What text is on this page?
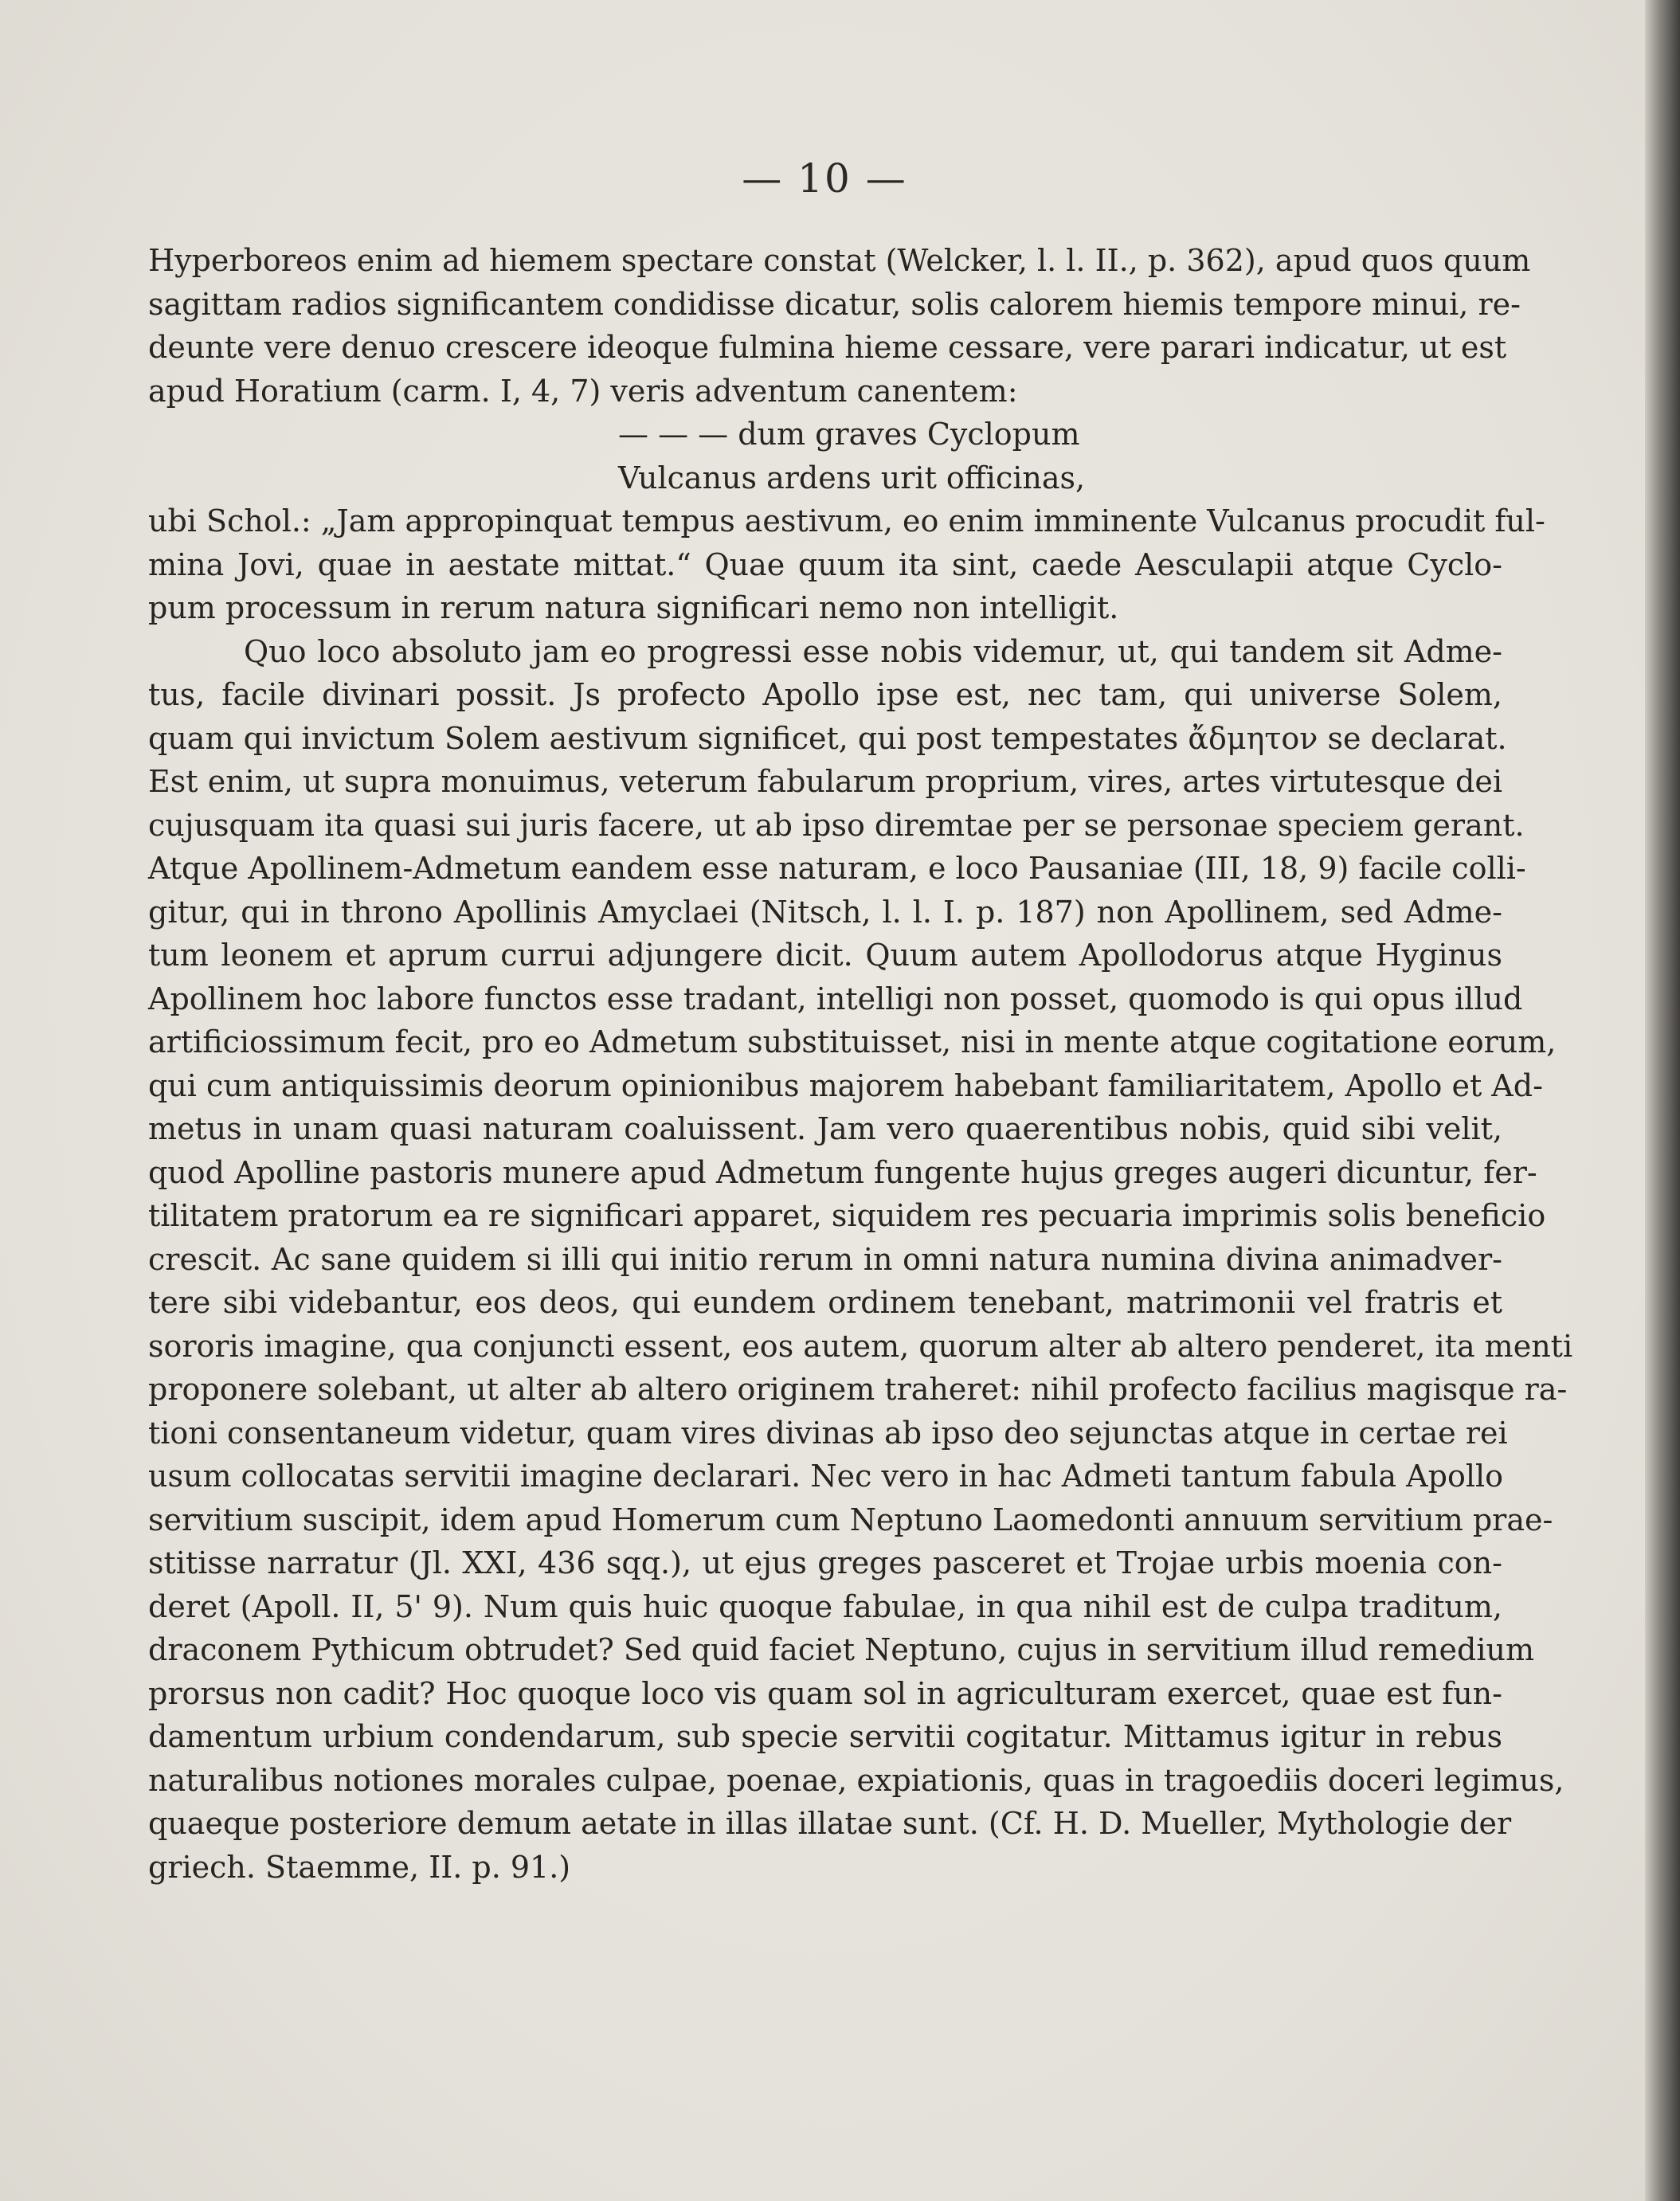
— 10 —
Hyperboreos enim ad hiemem spectare constat (Welcker, l. l. II., p. 362), apud quos quum
sagittam radios significantem condidisse dicatur, solis calorem hiemis tempore minui, re-
deunte vere denuo crescere ideoque fulmina hieme cessare, vere parari indicatur, ut est
apud Horatium (carm. I, 4, 7) veris adventum canentem:
— — — dum graves Cyclopum
Vulcanus ardens urit officinas,
ubi Schol.: „Jam appropinquat tempus aestivum, eo enim imminente Vulcanus procudit ful-
mina Jovi, quae in aestate mittat.“ Quae quum ita sint, caede Aesculapii atque Cyclo-
pum processum in rerum natura significari nemo non intelligit.
Quo loco absoluto jam eo progressi esse nobis videmur, ut, qui tandem sit Adme-
tus, facile divinari possit. Js profecto Apollo ipse est, nec tam, qui universe Solem,
quam qui invictum Solem aestivum significet, qui post tempestates ἄδμητον se declarat.
Est enim, ut supra monuimus, veterum fabularum proprium, vires, artes virtutesque dei
cujusquam ita quasi sui juris facere, ut ab ipso diremtae per se personae speciem gerant.
Atque Apollinem-Admetum eandem esse naturam, e loco Pausaniae (III, 18, 9) facile colli-
gitur, qui in throno Apollinis Amyclaei (Nitsch, l. l. I. p. 187) non Apollinem, sed Adme-
tum leonem et aprum currui adjungere dicit. Quum autem Apollodorus atque Hyginus
Apollinem hoc labore functos esse tradant, intelligi non posset, quomodo is qui opus illud
artificiossimum fecit, pro eo Admetum substituisset, nisi in mente atque cogitatione eorum,
qui cum antiquissimis deorum opinionibus majorem habebant familiaritatem, Apollo et Ad-
metus in unam quasi naturam coaluissent. Jam vero quaerentibus nobis, quid sibi velit,
quod Apolline pastoris munere apud Admetum fungente hujus greges augeri dicuntur, fer-
tilitatem pratorum ea re significari apparet, siquidem res pecuaria imprimis solis beneficio
crescit. Ac sane quidem si illi qui initio rerum in omni natura numina divina animadver-
tere sibi videbantur, eos deos, qui eundem ordinem tenebant, matrimonii vel fratris et
sororis imagine, qua conjuncti essent, eos autem, quorum alter ab altero penderet, ita menti
proponere solebant, ut alter ab altero originem traheret: nihil profecto facilius magisque ra-
tioni consentaneum videtur, quam vires divinas ab ipso deo sejunctas atque in certae rei
usum collocatas servitii imagine declarari. Nec vero in hac Admeti tantum fabula Apollo
servitium suscipit, idem apud Homerum cum Neptuno Laomedonti annuum servitium prae-
stitisse narratur (Jl. XXI, 436 sqq.), ut ejus greges pasceret et Trojae urbis moenia con-
deret (Apoll. II, 5' 9). Num quis huic quoque fabulae, in qua nihil est de culpa traditum,
draconem Pythicum obtrudet? Sed quid faciet Neptuno, cujus in servitium illud remedium
prorsus non cadit? Hoc quoque loco vis quam sol in agriculturam exercet, quae est fun-
damentum urbium condendarum, sub specie servitii cogitatur. Mittamus igitur in rebus
naturalibus notiones morales culpae, poenae, expiationis, quas in tragoediis doceri legimus,
quaeque posteriore demum aetate in illas illatae sunt. (Cf. H. D. Mueller, Mythologie der
griech. Staemme, II. p. 91.)
